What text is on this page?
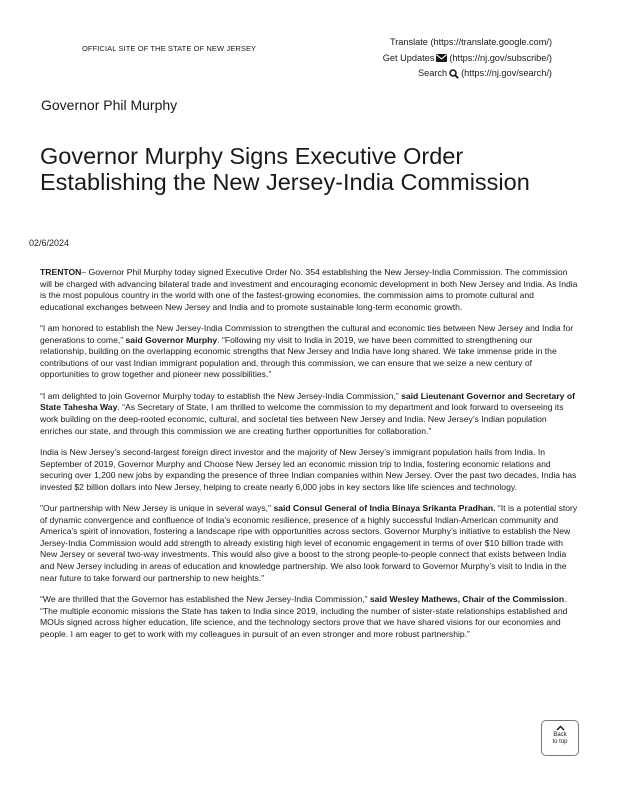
OFFICIAL SITE OF THE STATE OF NEW JERSEY
Translate (https://translate.google.com/)
Get Updates (https://nj.gov/subscribe/)
Search (https://nj.gov/search/)
Governor Phil Murphy
Governor Murphy Signs Executive Order Establishing the New Jersey-India Commission
02/6/2024

TRENTON– Governor Phil Murphy today signed Executive Order No. 354 establishing the New Jersey-India Commission. The commission will be charged with advancing bilateral trade and investment and encouraging economic development in both New Jersey and India. As India is the most populous country in the world with one of the fastest-growing economies, the commission aims to promote cultural and educational exchanges between New Jersey and India and to promote sustainable long-term economic growth.

“I am honored to establish the New Jersey-India Commission to strengthen the cultural and economic ties between New Jersey and India for generations to come,” said Governor Murphy. “Following my visit to India in 2019, we have been committed to strengthening our relationship, building on the overlapping economic strengths that New Jersey and India have long shared. We take immense pride in the contributions of our vast Indian immigrant population and, through this commission, we can ensure that we seize a new century of opportunities to grow together and pioneer new possibilities.”

“I am delighted to join Governor Murphy today to establish the New Jersey-India Commission,” said Lieutenant Governor and Secretary of State Tahesha Way. “As Secretary of State, I am thrilled to welcome the commission to my department and look forward to overseeing its work building on the deep-rooted economic, cultural, and societal ties between New Jersey and India. New Jersey’s Indian population enriches our state, and through this commission we are creating further opportunities for collaboration.”

India is New Jersey’s second-largest foreign direct investor and the majority of New Jersey’s immigrant population hails from India. In September of 2019, Governor Murphy and Choose New Jersey led an economic mission trip to India, fostering economic relations and securing over 1,200 new jobs by expanding the presence of three Indian companies within New Jersey. Over the past two decades, India has invested $2 billion dollars into New Jersey, helping to create nearly 6,000 jobs in key sectors like life sciences and technology.

"Our partnership with New Jersey is unique in several ways," said Consul General of India Binaya Srikanta Pradhan. “It is a potential story of dynamic convergence and confluence of India’s economic resilience, presence of a highly successful Indian-American community and America's spirit of innovation, fostering a landscape ripe with opportunities across sectors. Governor Murphy’s initiative to establish the New Jersey-India Commission would add strength to already existing high level of economic engagement in terms of over $10 billion trade with New Jersey or several two-way investments. This would also give a boost to the strong people-to-people connect that exists between India and New Jersey including in areas of education and knowledge partnership. We also look forward to Governor Murphy’s visit to India in the near future to take forward our partnership to new heights."

“We are thrilled that the Governor has established the New Jersey-India Commission,” said Wesley Mathews, Chair of the Commission. “The multiple economic missions the State has taken to India since 2019, including the number of sister-state relationships established and MOUs signed across higher education, life science, and the technology sectors prove that we have shared visions for our economies and people. I am eager to get to work with my colleagues in pursuit of an even stronger and more robust partnership.”

Back
to top
